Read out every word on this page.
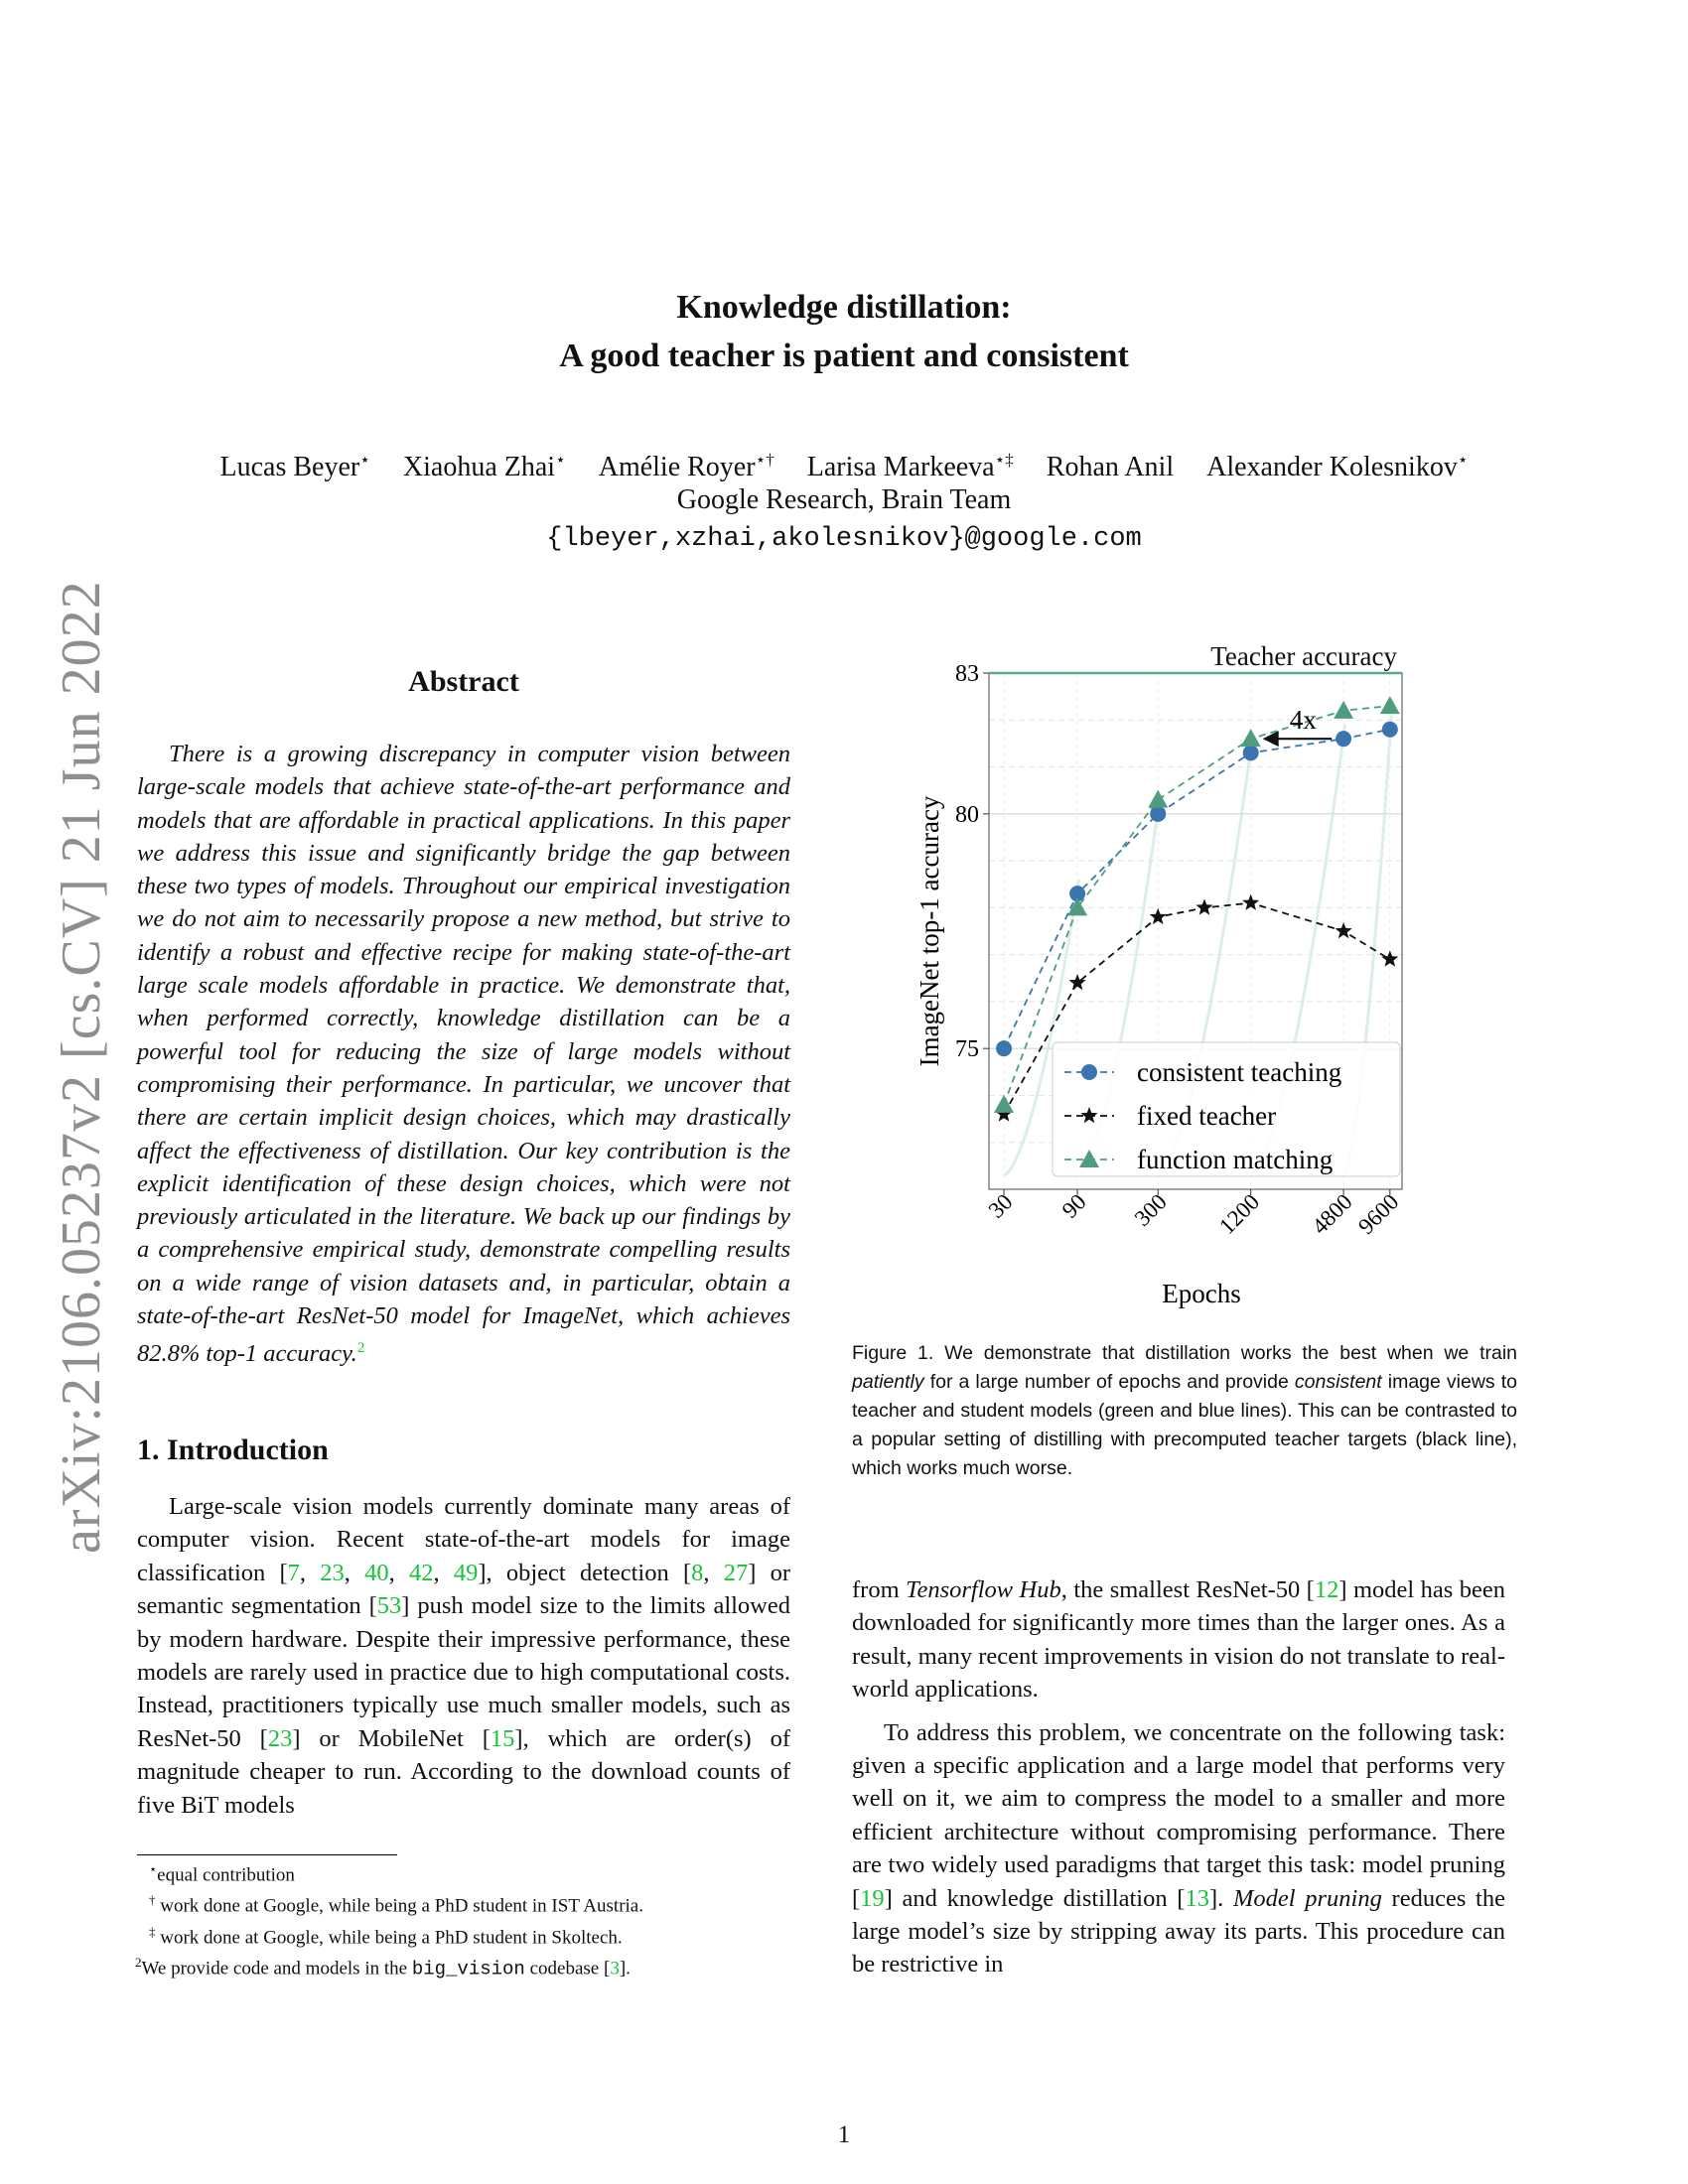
arXiv:2106.05237v2 [cs.CV] 21 Jun 2022
Knowledge distillation:
A good teacher is patient and consistent
Lucas Beyer⋆ Xiaohua Zhai⋆ Amélie Royer⋆† Larisa Markeeva⋆‡ Rohan Anil Alexander Kolesnikov⋆
Google Research, Brain Team
{lbeyer,xzhai,akolesnikov}@google.com
Abstract

There is a growing discrepancy in computer vision between large-scale models that achieve state-of-the-art performance and models that are affordable in practical applications. In this paper we address this issue and significantly bridge the gap between these two types of models. Throughout our empirical investigation we do not aim to necessarily propose a new method, but strive to identify a robust and effective recipe for making state-of-the-art large scale models affordable in practice. We demonstrate that, when performed correctly, knowledge distillation can be a powerful tool for reducing the size of large models without compromising their performance. In particular, we uncover that there are certain implicit design choices, which may drastically affect the effectiveness of distillation. Our key contribution is the explicit identification of these design choices, which were not previously articulated in the literature. We back up our findings by a comprehensive empirical study, demonstrate compelling results on a wide range of vision datasets and, in particular, obtain a state-of-the-art ResNet-50 model for ImageNet, which achieves 82.8% top-1 accuracy.$^2$

1. Introduction

Large-scale vision models currently dominate many areas of computer vision. Recent state-of-the-art models for image classification [7, 23, 40, 42, 49], object detection [8, 27] or semantic segmentation [53] push model size to the limits allowed by modern hardware. Despite their impressive performance, these models are rarely used in practice due to high computational costs. Instead, practitioners typically use much smaller models, such as ResNet-50 [23] or MobileNet [15], which are order(s) of magnitude cheaper to run. According to the download counts of five BiT models

⋆equal contribution
† work done at Google, while being a PhD student in IST Austria.
‡ work done at Google, while being a PhD student in Skoltech.
$^2$We provide code and models in the big_vision codebase [3].
Teacher accuracy
4x
75
80
83
30 90 300 1200 4800
9600
ImageNet top-1 accuracy
Epochs
consistent teaching
fixed teacher
function matching
Figure 1. We demonstrate that distillation works the best when we train patiently for a large number of epochs and provide consistent image views to teacher and student models (green and blue lines). This can be contrasted to a popular setting of distilling with precomputed teacher targets (black line), which works much worse.

from Tensorflow Hub, the smallest ResNet-50 [12] model has been downloaded for significantly more times than the larger ones. As a result, many recent improvements in vision do not translate to real-world applications.

To address this problem, we concentrate on the following task: given a specific application and a large model that performs very well on it, we aim to compress the model to a smaller and more efficient architecture without compromising performance. There are two widely used paradigms that target this task: model pruning [19] and knowledge distillation [13]. Model pruning reduces the large model’s size by stripping away its parts. This procedure can be restrictive in

1
